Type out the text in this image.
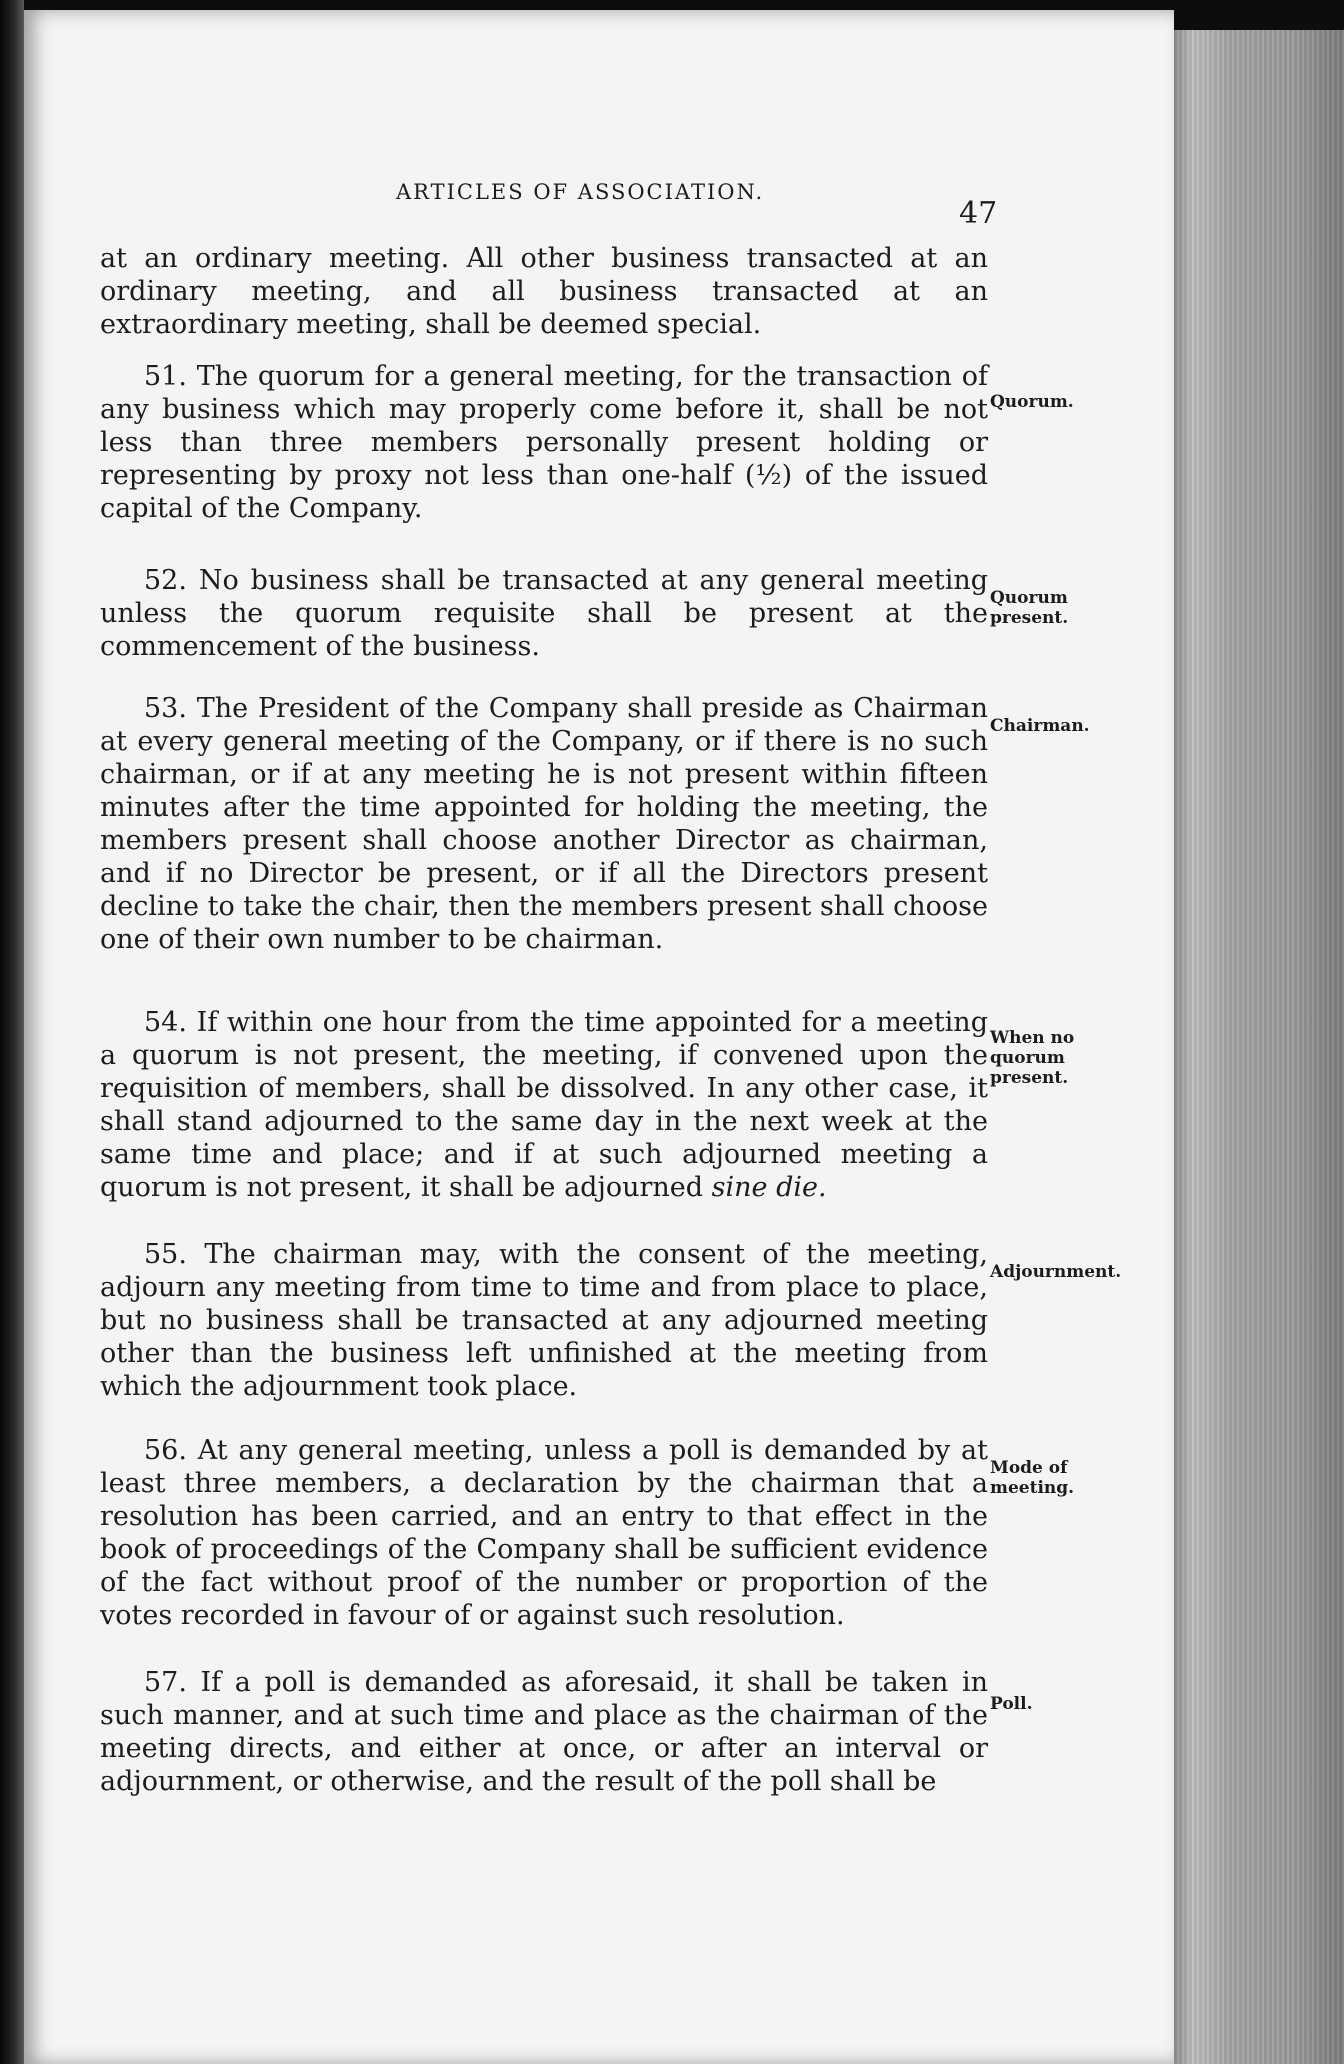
ARTICLES OF ASSOCIATION.
47

at an ordinary meeting. All other business transacted at an ordinary meeting, and all business transacted at an extraordinary meeting, shall be deemed special.

51. The quorum for a general meeting, for the transaction of any business which may properly come before it, shall be not less than three members personally present holding or representing by proxy not less than one-half (½) of the issued capital of the Company.

Quorum.

52. No business shall be transacted at any general meeting unless the quorum requisite shall be present at the commencement of the business.

Quorum present.

53. The President of the Company shall preside as Chairman at every general meeting of the Company, or if there is no such chairman, or if at any meeting he is not present within fifteen minutes after the time appointed for holding the meeting, the members present shall choose another Director as chairman, and if no Director be present, or if all the Directors present decline to take the chair, then the members present shall choose one of their own number to be chairman.

Chairman.

54. If within one hour from the time appointed for a meeting a quorum is not present, the meeting, if convened upon the requisition of members, shall be dissolved. In any other case, it shall stand adjourned to the same day in the next week at the same time and place; and if at such adjourned meeting a quorum is not present, it shall be adjourned sine die.

When no quorum present.

55. The chairman may, with the consent of the meeting, adjourn any meeting from time to time and from place to place, but no business shall be transacted at any adjourned meeting other than the business left unfinished at the meeting from which the adjournment took place.

Adjournment.

56. At any general meeting, unless a poll is demanded by at least three members, a declaration by the chairman that a resolution has been carried, and an entry to that effect in the book of proceedings of the Company shall be sufficient evidence of the fact without proof of the number or proportion of the votes recorded in favour of or against such resolution.

Mode of meeting.

57. If a poll is demanded as aforesaid, it shall be taken in such manner, and at such time and place as the chairman of the meeting directs, and either at once, or after an interval or adjournment, or otherwise, and the result of the poll shall be

Poll.
